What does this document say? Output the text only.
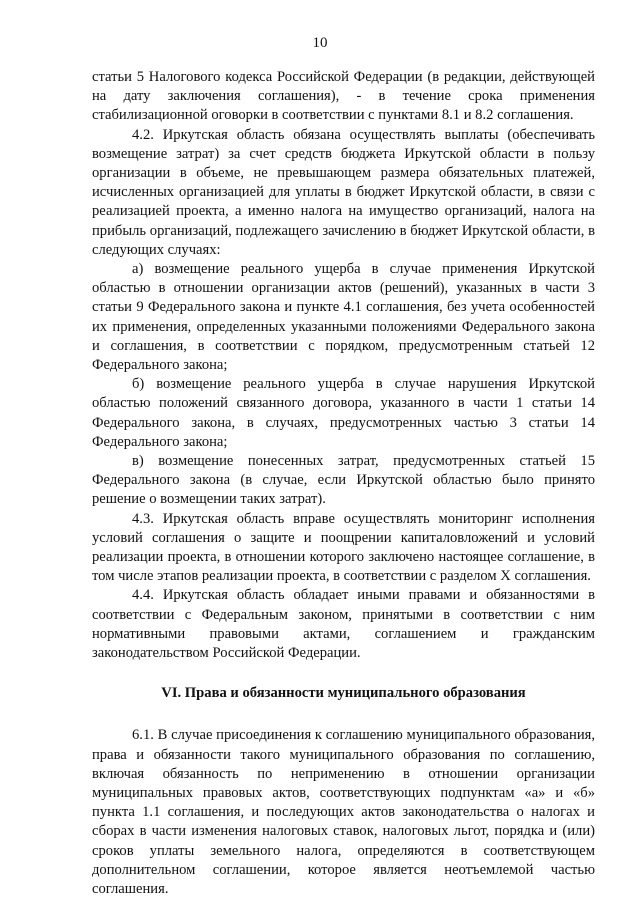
10

статьи 5 Налогового кодекса Российской Федерации (в редакции, действующей на дату заключения соглашения), - в течение срока применения стабилизационной оговорки в соответствии с пунктами 8.1 и 8.2 соглашения.

4.2. Иркутская область обязана осуществлять выплаты (обеспечивать возмещение затрат) за счет средств бюджета Иркутской области в пользу организации в объеме, не превышающем размера обязательных платежей, исчисленных организацией для уплаты в бюджет Иркутской области, в связи с реализацией проекта, а именно налога на имущество организаций, налога на прибыль организаций, подлежащего зачислению в бюджет Иркутской области, в следующих случаях:

а) возмещение реального ущерба в случае применения Иркутской областью в отношении организации актов (решений), указанных в части 3 статьи 9 Федерального закона и пункте 4.1 соглашения, без учета особенностей их применения, определенных указанными положениями Федерального закона и соглашения, в соответствии с порядком, предусмотренным статьей 12 Федерального закона;

б) возмещение реального ущерба в случае нарушения Иркутской областью положений связанного договора, указанного в части 1 статьи 14 Федерального закона, в случаях, предусмотренных частью 3 статьи 14 Федерального закона;

в) возмещение понесенных затрат, предусмотренных статьей 15 Федерального закона (в случае, если Иркутской областью было принято решение о возмещении таких затрат).

4.3. Иркутская область вправе осуществлять мониторинг исполнения условий соглашения о защите и поощрении капиталовложений и условий реализации проекта, в отношении которого заключено настоящее соглашение, в том числе этапов реализации проекта, в соответствии с разделом X соглашения.

4.4. Иркутская область обладает иными правами и обязанностями в соответствии с Федеральным законом, принятыми в соответствии с ним нормативными правовыми актами, соглашением и гражданским законодательством Российской Федерации.

VI. Права и обязанности муниципального образования

6.1. В случае присоединения к соглашению муниципального образования, права и обязанности такого муниципального образования по соглашению, включая обязанность по неприменению в отношении организации муниципальных правовых актов, соответствующих подпунктам «а» и «б» пункта 1.1 соглашения, и последующих актов законодательства о налогах и сборах в части изменения налоговых ставок, налоговых льгот, порядка и (или) сроков уплаты земельного налога, определяются в соответствующем дополнительном соглашении, которое является неотъемлемой частью соглашения.
